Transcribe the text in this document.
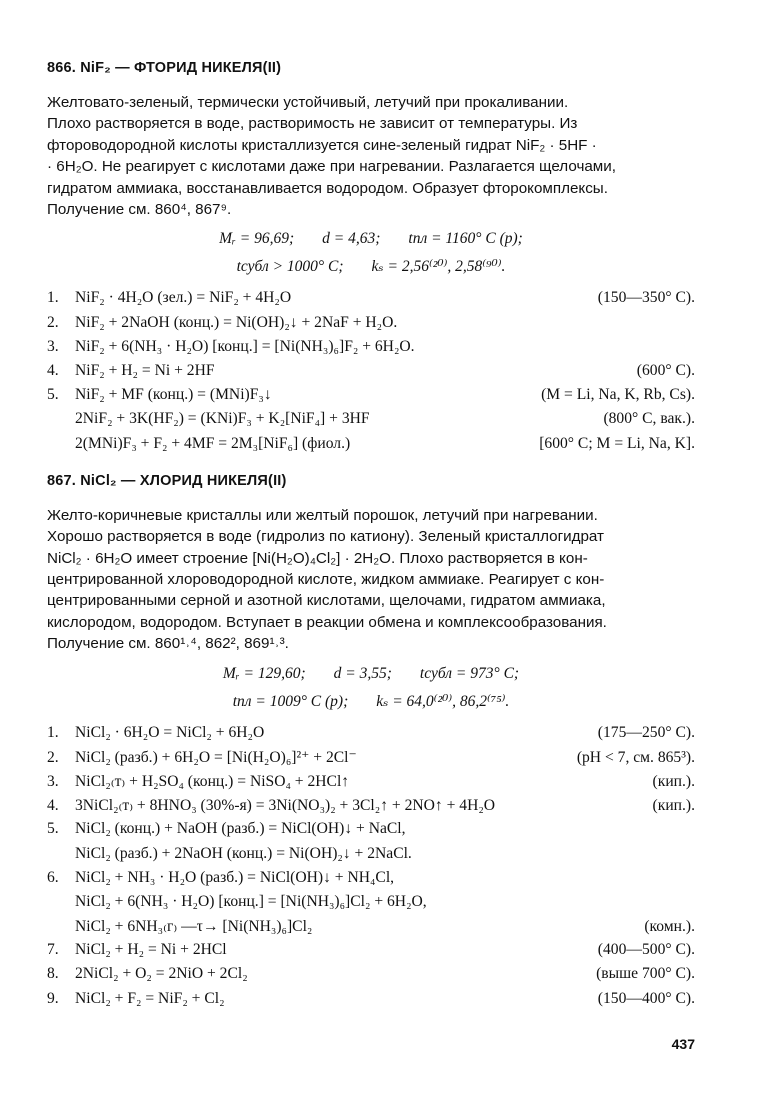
866. NiF₂ — ФТОРИД НИКЕЛЯ(II)
Желтовато-зеленый, термически устойчивый, летучий при прокаливании.
Плохо растворяется в воде, растворимость не зависит от температуры. Из
фтороводородной кислоты кристаллизуется сине-зеленый гидрат NiF₂ · 5HF ·
· 6H₂O. Не реагирует с кислотами даже при нагревании. Разлагается щелочами,
гидратом аммиака, восстанавливается водородом. Образует фторокомплексы.
Получение см. 860⁴, 867⁹.
Mᵣ = 96,69; d = 4,63; tпл = 1160° C (р);
tсубл > 1000° C; kₛ = 2,56⁽²⁰⁾, 2,58⁽⁹⁰⁾.
1.	NiF₂ · 4H₂O (зел.) = NiF₂ + 4H₂O	(150—350° C).
2.	NiF₂ + 2NaOH (конц.) = Ni(OH)₂↓ + 2NaF + H₂O.
3.	NiF₂ + 6(NH₃ · H₂O) [конц.] = [Ni(NH₃)₆]F₂ + 6H₂O.
4.	NiF₂ + H₂ = Ni + 2HF	(600° C).
5.	NiF₂ + MF (конц.) = (MNi)F₃↓	(M = Li, Na, K, Rb, Cs).
2NiF₂ + 3K(HF₂) = (KNi)F₃ + K₂[NiF₄] + 3HF	(800° C, вак.).
2(MNi)F₃ + F₂ + 4MF = 2M₃[NiF₆] (фиол.)	[600° C; M = Li, Na, K].
867. NiCl₂ — ХЛОРИД НИКЕЛЯ(II)
Желто-коричневые кристаллы или желтый порошок, летучий при нагревании.
Хорошо растворяется в воде (гидролиз по катиону). Зеленый кристаллогидрат
NiCl₂ · 6H₂O имеет строение [Ni(H₂O)₄Cl₂] · 2H₂O. Плохо растворяется в кон-
центрированной хлороводородной кислоте, жидком аммиаке. Реагирует с кон-
центрированными серной и азотной кислотами, щелочами, гидратом аммиака,
кислородом, водородом. Вступает в реакции обмена и комплексообразования.
Получение см. 860¹˒⁴, 862², 869¹˒³.
Mᵣ = 129,60; d = 3,55; tсубл = 973° C;
tпл = 1009° C (р); kₛ = 64,0⁽²⁰⁾, 86,2⁽⁷⁵⁾.
1.	NiCl₂ · 6H₂O = NiCl₂ + 6H₂O	(175—250° C).
2.	NiCl₂ (разб.) + 6H₂O = [Ni(H₂O)₆]²⁺ + 2Cl⁻	(pH < 7, см. 865³).
3.	NiCl₂₍т₎ + H₂SO₄ (конц.) = NiSO₄ + 2HCl↑	(кип.).
4.	3NiCl₂₍т₎ + 8HNO₃ (30%-я) = 3Ni(NO₃)₂ + 3Cl₂↑ + 2NO↑ + 4H₂O	(кип.).
5.	NiCl₂ (конц.) + NaOH (разб.) = NiCl(OH)↓ + NaCl,
NiCl₂ (разб.) + 2NaOH (конц.) = Ni(OH)₂↓ + 2NaCl.
6.	NiCl₂ + NH₃ · H₂O (разб.) = NiCl(OH)↓ + NH₄Cl,
NiCl₂ + 6(NH₃ · H₂O) [конц.] = [Ni(NH₃)₆]Cl₂ + 6H₂O,
NiCl₂ + 6NH₃₍г₎ —τ→ [Ni(NH₃)₆]Cl₂	(комн.).
7.	NiCl₂ + H₂ = Ni + 2HCl	(400—500° C).
8.	2NiCl₂ + O₂ = 2NiO + 2Cl₂	(выше 700° C).
9.	NiCl₂ + F₂ = NiF₂ + Cl₂	(150—400° C).
437
